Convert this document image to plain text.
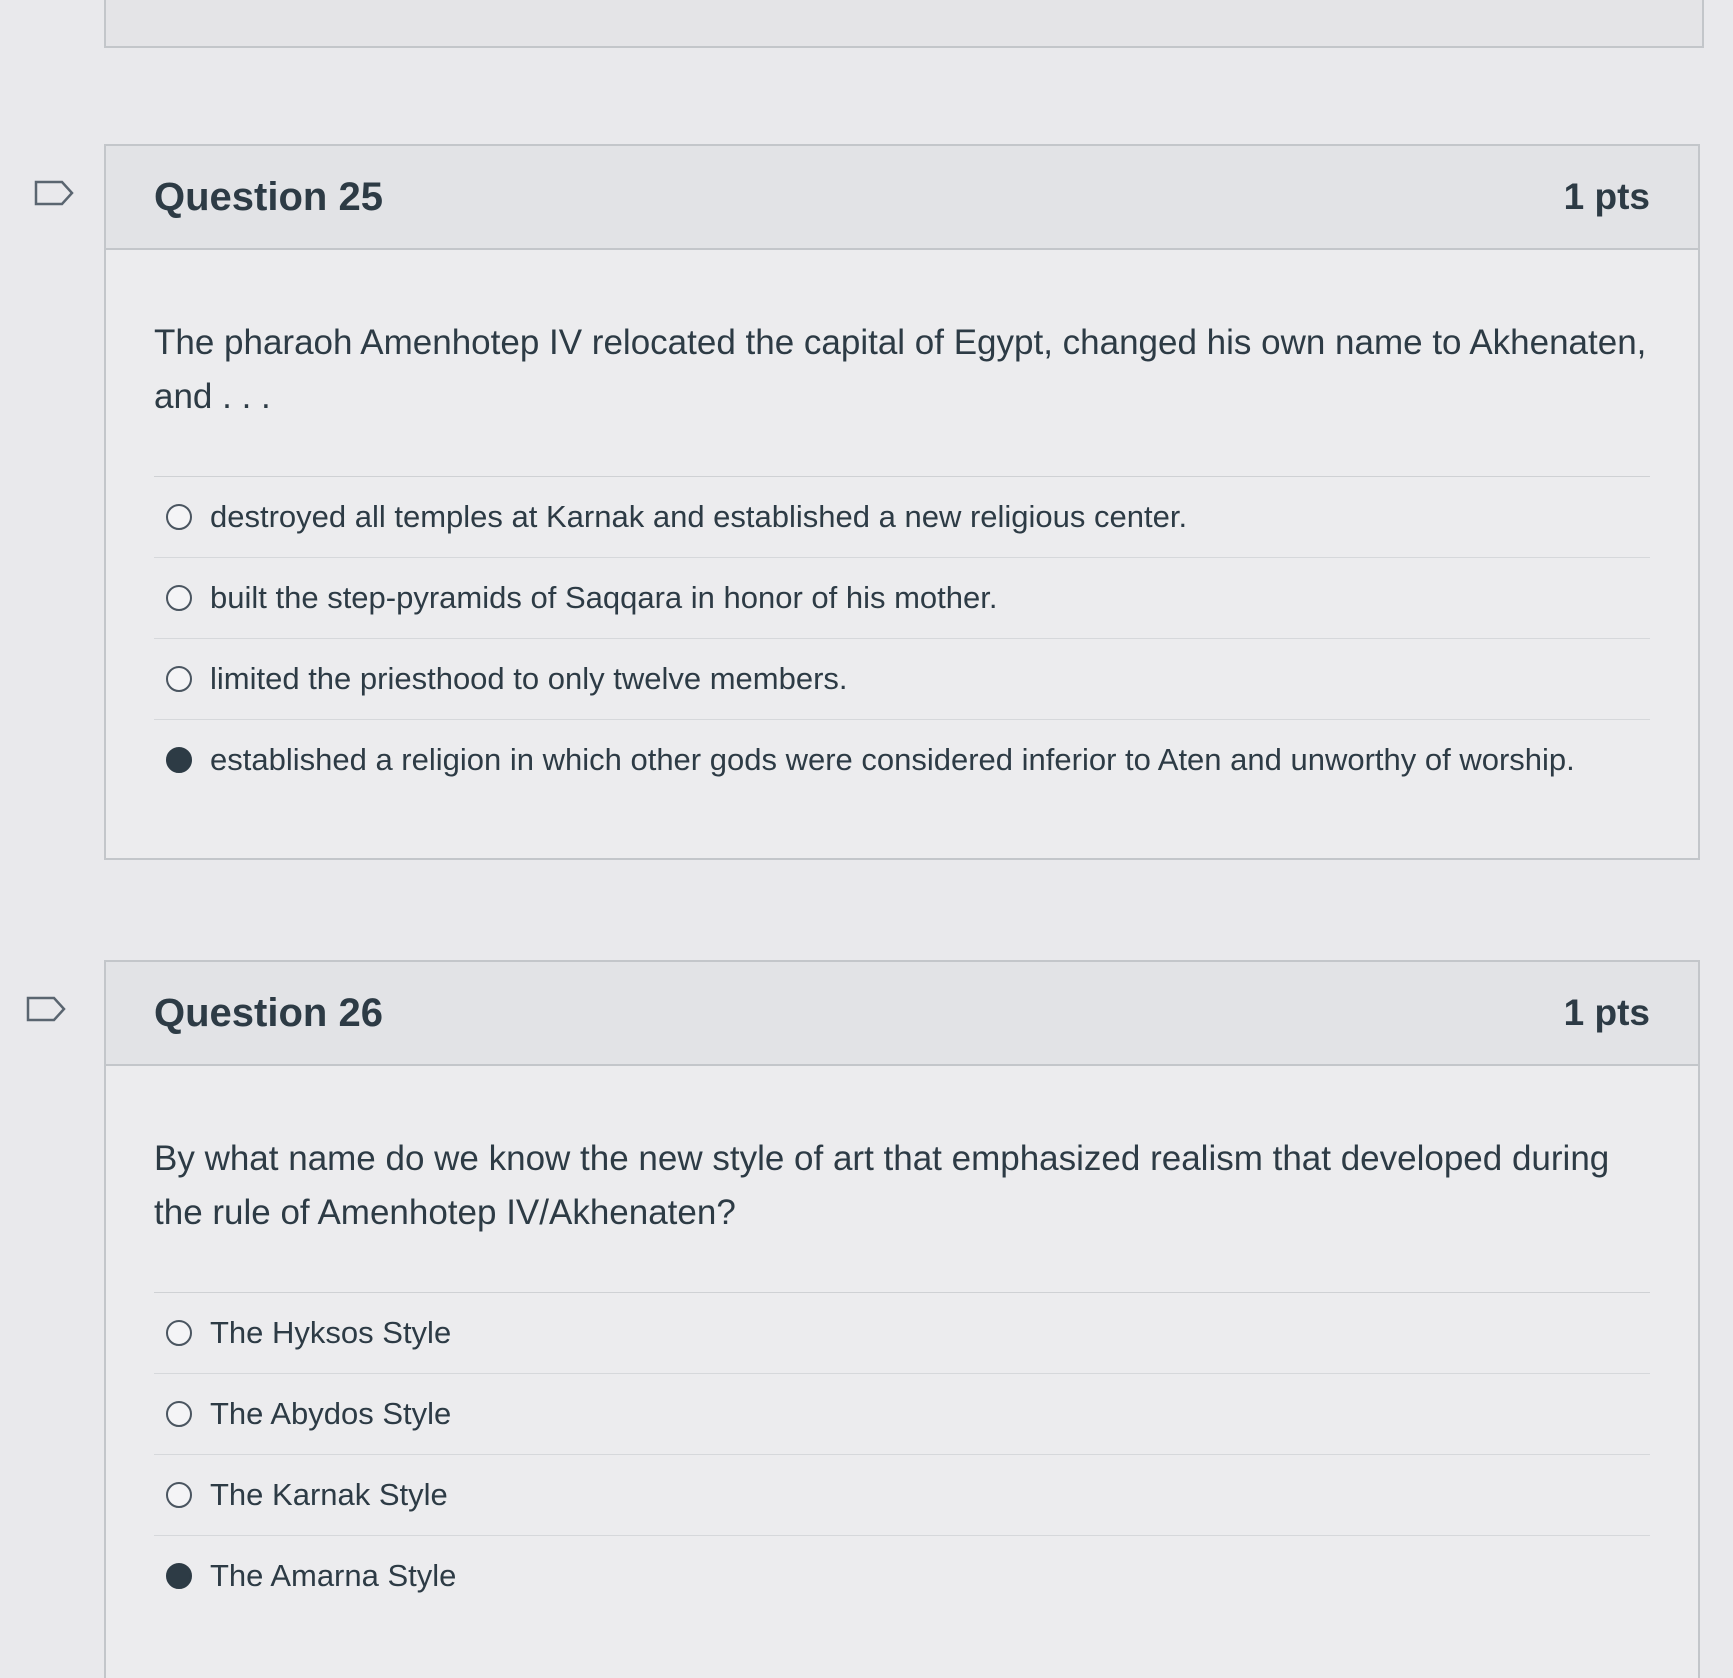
Question 25	1 pts
The pharaoh Amenhotep IV relocated the capital of Egypt, changed his own name to Akhenaten, and . . .
destroyed all temples at Karnak and established a new religious center.
built the step-pyramids of Saqqara in honor of his mother.
limited the priesthood to only twelve members.
established a religion in which other gods were considered inferior to Aten and unworthy of worship.
Question 26	1 pts
By what name do we know the new style of art that emphasized realism that developed during the rule of Amenhotep IV/Akhenaten?
The Hyksos Style
The Abydos Style
The Karnak Style
The Amarna Style
